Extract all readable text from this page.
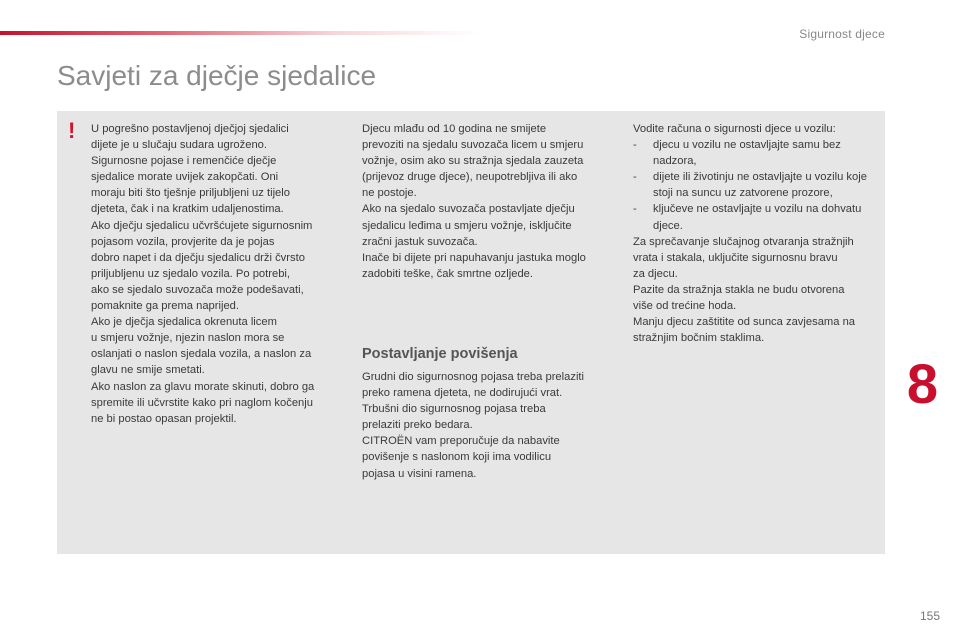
Sigurnost djece
Savjeti za dječje sjedalice
! U pogrešno postavljenoj dječjoj sjedalici
dijete je u slučaju sudara ugroženo.
Sigurnosne pojase i remenčiće dječje
sjedalice morate uvijek zakopčati. Oni
moraju biti što tješnje priljubljeni uz tijelo
djeteta, čak i na kratkim udaljenostima.
Ako dječju sjedalicu učvršćujete sigurnosnim
pojasom vozila, provjerite da je pojas
dobro napet i da dječju sjedalicu drži čvrsto
priljubljenu uz sjedalo vozila. Po potrebi,
ako se sjedalo suvozača može podešavati,
pomaknite ga prema naprijed.
Ako je dječja sjedalica okrenuta licem
u smjeru vožnje, njezin naslon mora se
oslanjati o naslon sjedala vozila, a naslon za
glavu ne smije smetati.
Ako naslon za glavu morate skinuti, dobro ga
spremite ili učvrstite kako pri naglom kočenju
ne bi postao opasan projektil.

Djecu mlađu od 10 godina ne smijete
prevoziti na sjedalu suvozača licem u smjeru
vožnje, osim ako su stražnja sjedala zauzeta
(prijevoz druge djece), neupotrebljiva ili ako
ne postoje.
Ako na sjedalo suvozača postavljate dječju
sjedalicu leđima u smjeru vožnje, isključite
zračni jastuk suvozača.
Inače bi dijete pri napuhavanju jastuka moglo
zadobiti teške, čak smrtne ozljede.

Postavljanje povišenja

Grudni dio sigurnosnog pojasa treba prelaziti
preko ramena djeteta, ne dodirujući vrat.
Trbušni dio sigurnosnog pojasa treba
prelaziti preko bedara.
CITROËN vam preporučuje da nabavite
povišenje s naslonom koji ima vodilicu
pojasa u visini ramena.

Vodite računa o sigurnosti djece u vozilu:

- djecu u vozilu ne ostavljajte samu bez nadzora,
- dijete ili životinju ne ostavljajte u vozilu koje stoji na suncu uz zatvorene prozore,
- ključeve ne ostavljajte u vozilu na dohvatu djece.

Za sprečavanje slučajnog otvaranja stražnjih
vrata i stakala, uključite sigurnosnu bravu
za djecu.
Pazite da stražnja stakla ne budu otvorena
više od trećine hoda.
Manju djecu zaštitite od sunca zavjesama na
stražnjim bočnim staklima.

8
155
